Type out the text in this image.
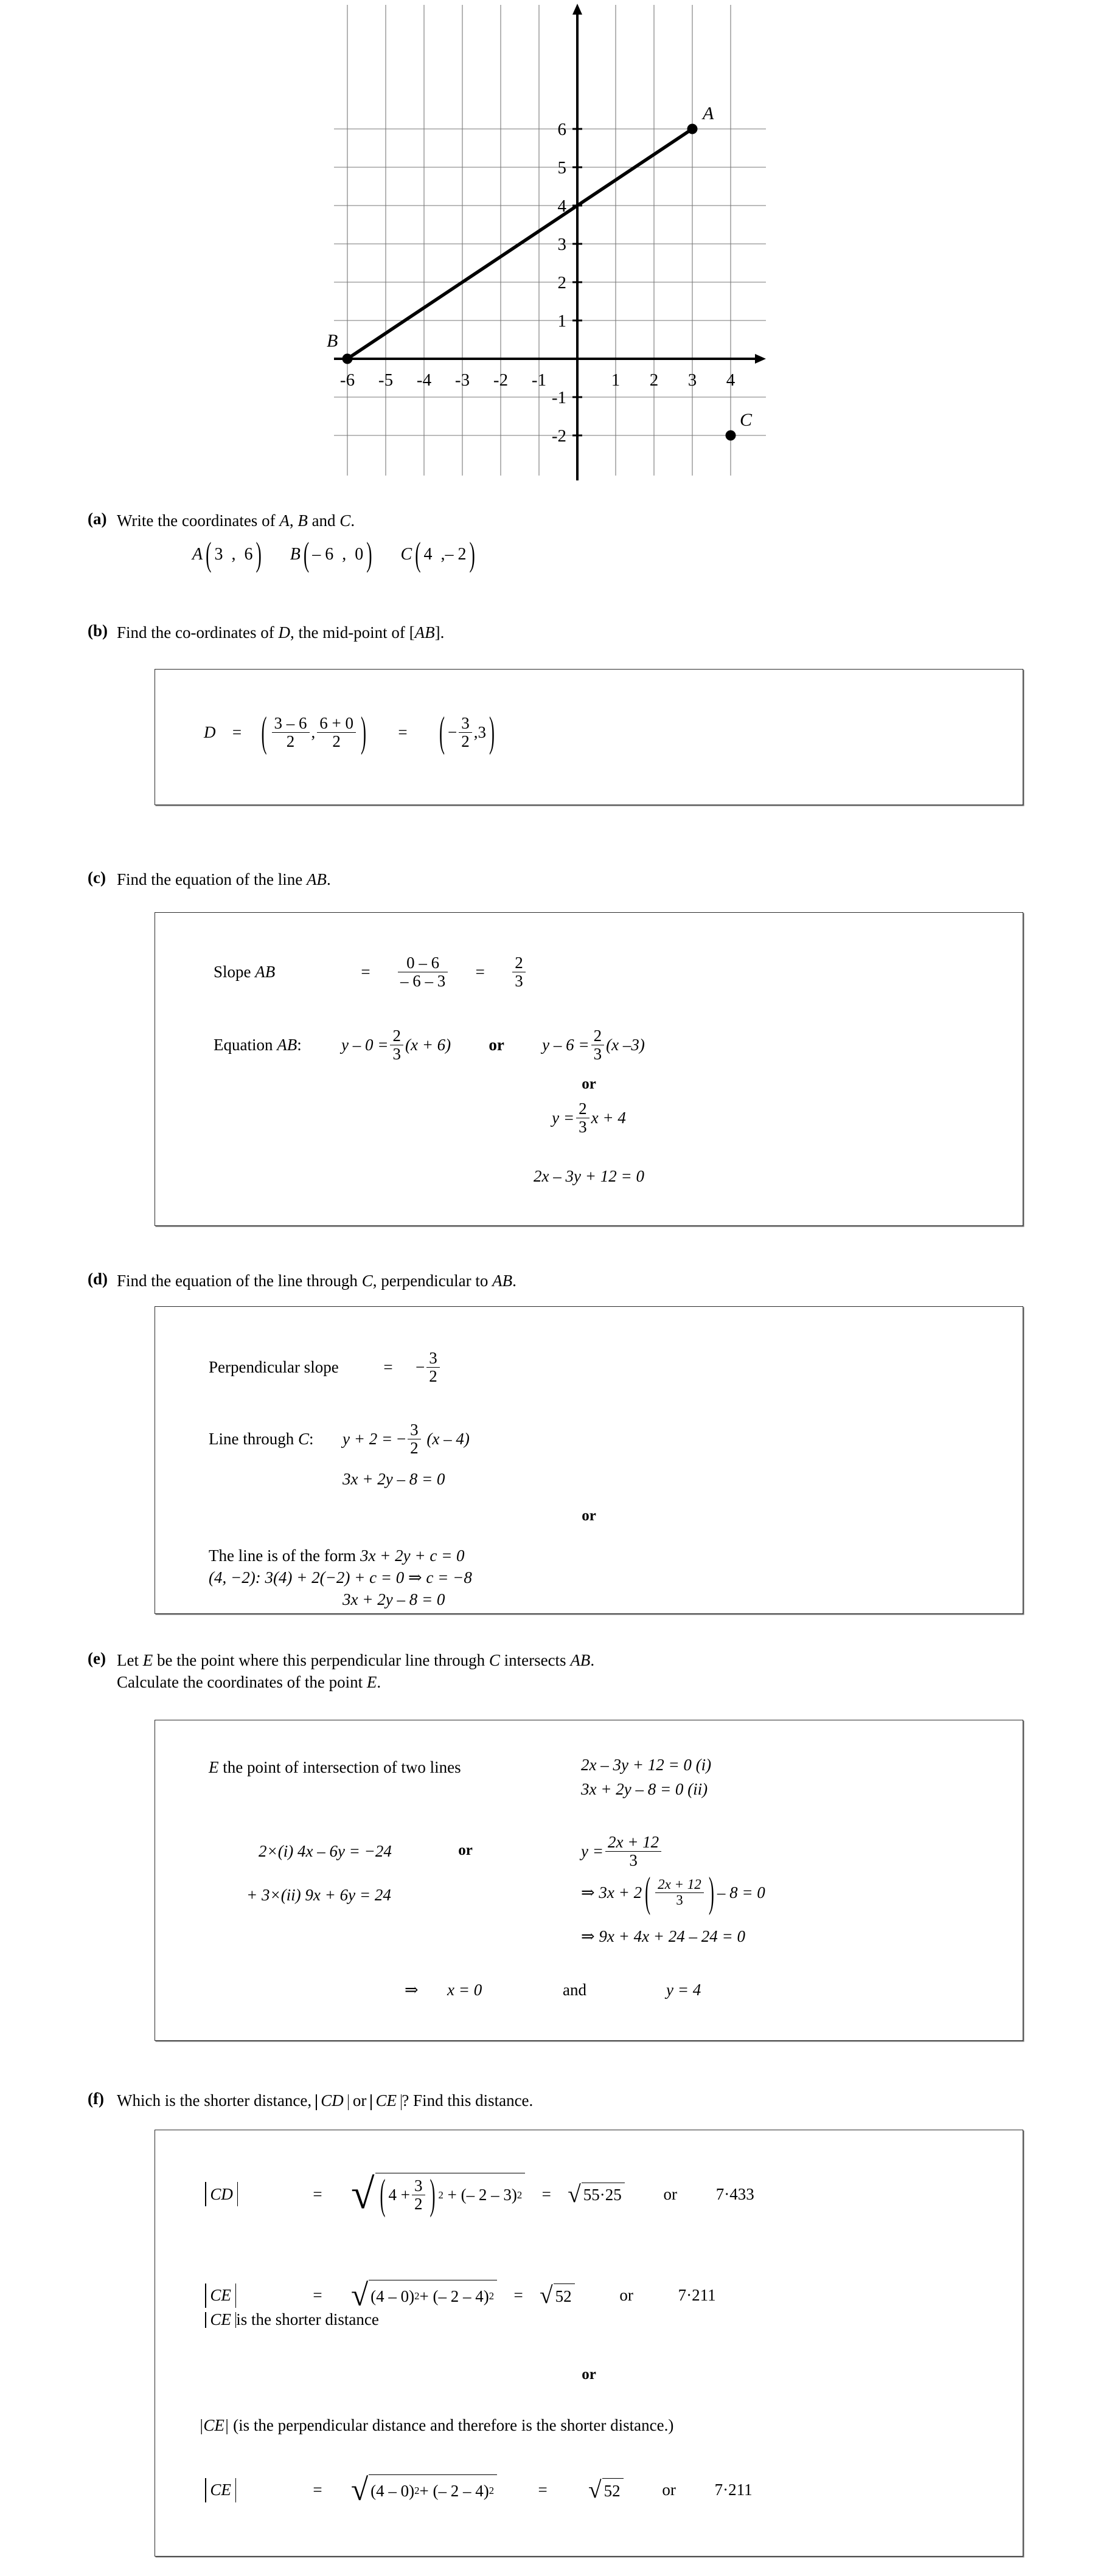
A
B
C
-6 -5 -4 -3 -2 -1	1 2 3 4
6
5
4
3
2
1
-1
-2
(a) Write the coordinates of A, B and C.
A ( 3 , 6 ) B ( – 6 , 0 ) C ( 4 ,– 2 )
(b) Find the co-ordinates of D, the mid-point of [AB].
D	=	( $\frac{3 - 6}{2}$ , $\frac{6 + 0}{2}$ )	=	( − $\frac{3}{2} ,3$ )
(c) Find the equation of the line AB.
Slope AB	=	$\frac{0 - 6}{- 6 - 3}$	=	$\frac{2}{3}$
Equation AB:	$y - 0 = \frac{2}{3} (x + 6)$	or	$y - 6 = \frac{2}{3} (x$ –3)
or
$y = \frac{2}{3}$ x + 4
2x – 3y + 12 = 0
(d) Find the equation of the line through C, perpendicular to AB.
Perpendicular slope	=	− $\frac{3}{2}$
Line through C:	y + 2 =
− $\frac{3}{2}$
(x – 4)
3x + 2y – 8 = 0
or
The line is of the form 3x + 2y + c = 0
(4, −2): 3(4) + 2(−2) + c = 0 ⇒ c = −8
3x + 2y – 8 = 0
(e) Let E be the point where this perpendicular line through C intersects AB.
Calculate the coordinates of the point E.
E the point of intersection of two lines	2x – 3y + 12 = 0 (i)
3x + 2y – 8 = 0 (ii)
2×(i) 4x – 6y = −24	or
+ 3×(ii) 9x + 6y = 24
$y = \frac{2x + 12}{3}$
⇒ 3x + 2 ( $\frac{2x + 12}{3}$ ) – 8 = 0
⇒ 9x + 4x + 24 – 24 = 0
⇒	x = 0	and	y = 4
(f) Which is the shorter distance,  CD  or  CE ? Find this distance.

CD
	= √ ( $4 + \frac{3}{2}$ ) 2
+ (– 2 – 3) 2	= √ 55·25	or	7·433

CE
	= √ (4 – 0) 2 + (– 2 – 4) 2	= √ 52	or	7·211

CE
is the shorter distance
or
|CE| (is the perpendicular distance and therefore is the shorter distance.)

CE
	= √ (4 – 0) 2 + (– 2 – 4) 2	=	√ 52	or	7·211
